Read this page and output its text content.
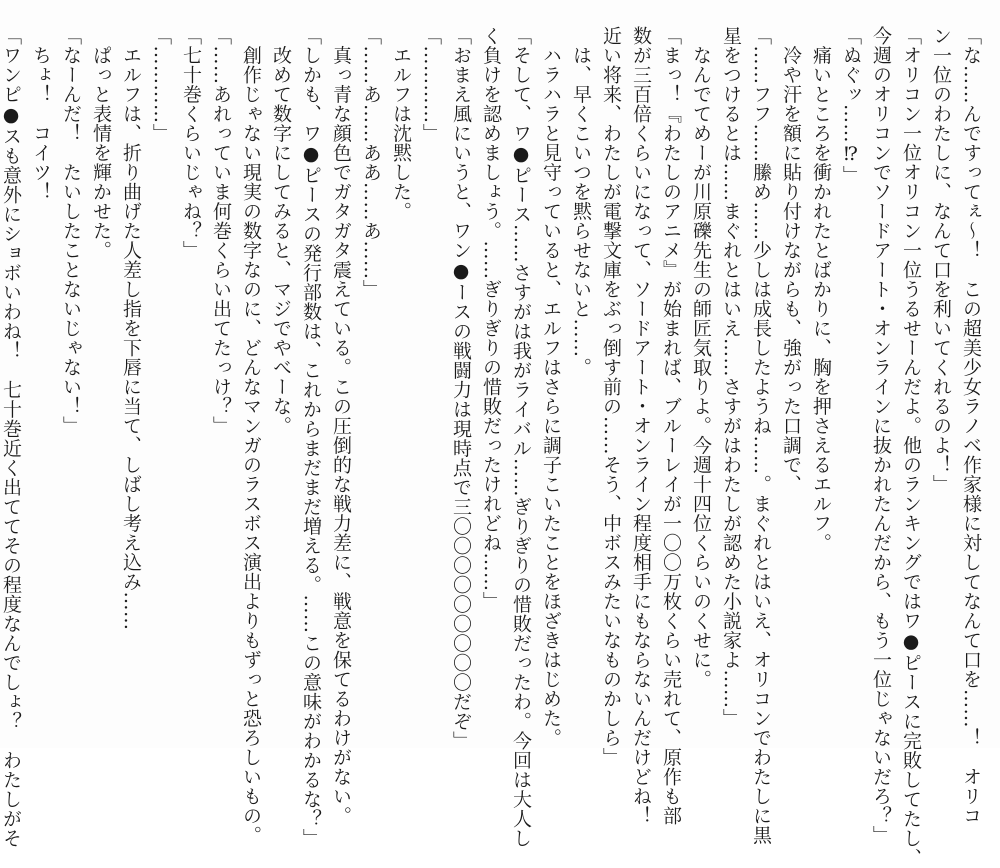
「な……んですってぇ～！　この超美少女ラノベ作家様に対してなんて口を……！　オリコ

ン一位のわたしに、なんて口を利いてくれるのよ！」

「オリコン一位オリコン一位うるせーんだよ。他のランキングではワ●ピースに完敗してたし、

今週のオリコンでソードアート・オンラインに抜かれたんだから、もう一位じゃないだろ？」

「ぬぐッ……⁉」

　痛いところを衝かれたとばかりに、胸を押さえるエルフ。

　冷や汗を額に貼り付けながらも、強がった口調で、

「……フフ……縢め……少しは成長したようね……。まぐれとはいえ、オリコンでわたしに黒

星をつけるとは……まぐれとはいえ……さすがはわたしが認めた小説家よ……」

　なんでてめーが川原礫先生の師匠気取りよ。今週十四位くらいのくせに。

「まっ！『わたしのアニメ』が始まれば、ブルーレイが一〇〇万枚くらい売れて、原作も部

数が三百倍くらいになって、ソードアート・オンライン程度相手にもならないんだけどね！

近い将来、わたしが電撃文庫をぶっ倒す前の……そう、中ボスみたいなものかしら」

　は、早くこいつを黙らせないと……。

　ハラハラと見守っていると、エルフはさらに調子こいたことをほざきはじめた。

「そして、ワ●ピース……さすがは我がライバル……ぎりぎりの惜敗だったわ。今回は大人し

く負けを認めましょう。……ぎりぎりの惜敗だったけれどね……」

「おまえ風にいうと、ワン●ースの戦闘力は現時点で三〇〇〇〇〇〇〇〇〇だぞ」

「…………」

　エルフは沈黙した。

「……あ……ああ……あ……」

　真っ青な顔色でガタガタ震えている。この圧倒的な戦力差に、戦意を保てるわけがない。

「しかも、ワ●ピースの発行部数は、これからまだまだ増える。……この意味がわかるな？」

　改めて数字にしてみると、マジでやべーな。

　創作じゃない現実の数字なのに、どんなマンガのラスボス演出よりもずっと恐ろしいもの。

「……あれっていま何巻くらい出てたっけ？」

「七十巻くらいじゃね？」

「…………」

　エルフは、折り曲げた人差し指を下唇に当て、しばし考え込み……

　ぱっと表情を輝かせた。

「なーんだ！　たいしたことないじゃない！」

　ちょ！　コイツ！

「ワンピ●スも意外にショボいわね！　七十巻近く出ててその程度なんでしょ？　わたしがそ
